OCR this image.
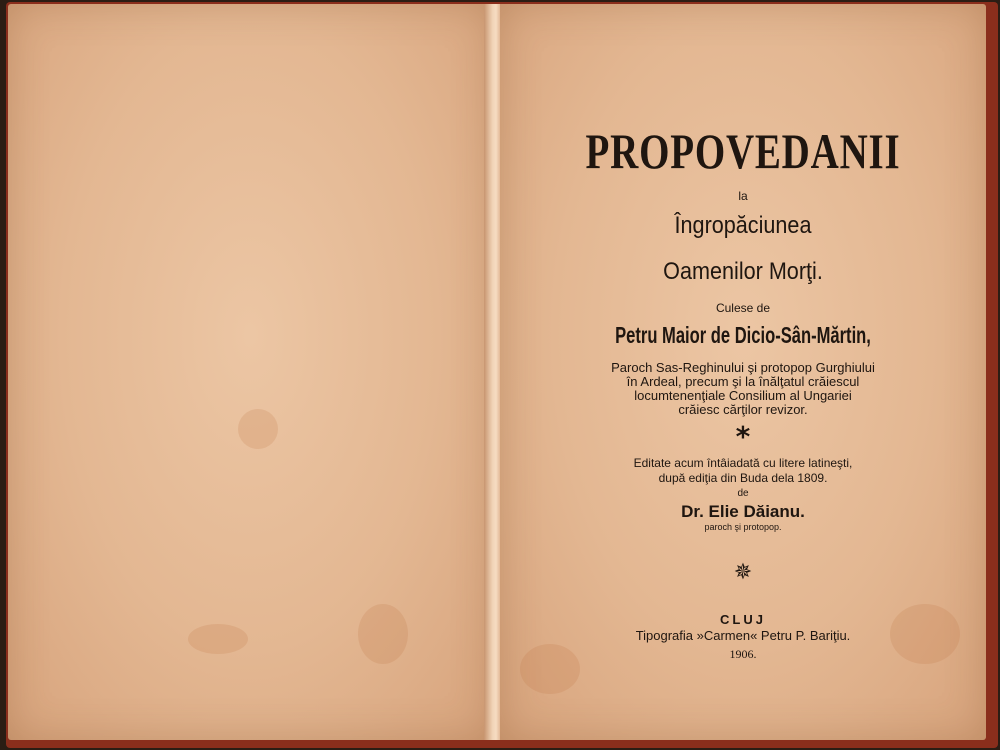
PROPOVEDANII
la
Îngropăciunea
Oamenilor Morţi.
Culese de
Petru Maior de Dicio-Sân-Mărtin,
Paroch Sas-Reghinului şi protopop Gurghiului
în Ardeal, precum şi la înălţatul crăiescul
locumtenenţiale Consilium al Ungariei
crăiesc cărţilor revizor.
*
Editate acum întâiadată cu litere latineşti,
după ediţia din Buda dela 1809.
de
Dr. Elie Dăianu.
paroch şi protopop.
✵
CLUJ
Tipografia »Carmen« Petru P. Bariţiu.
1906.
